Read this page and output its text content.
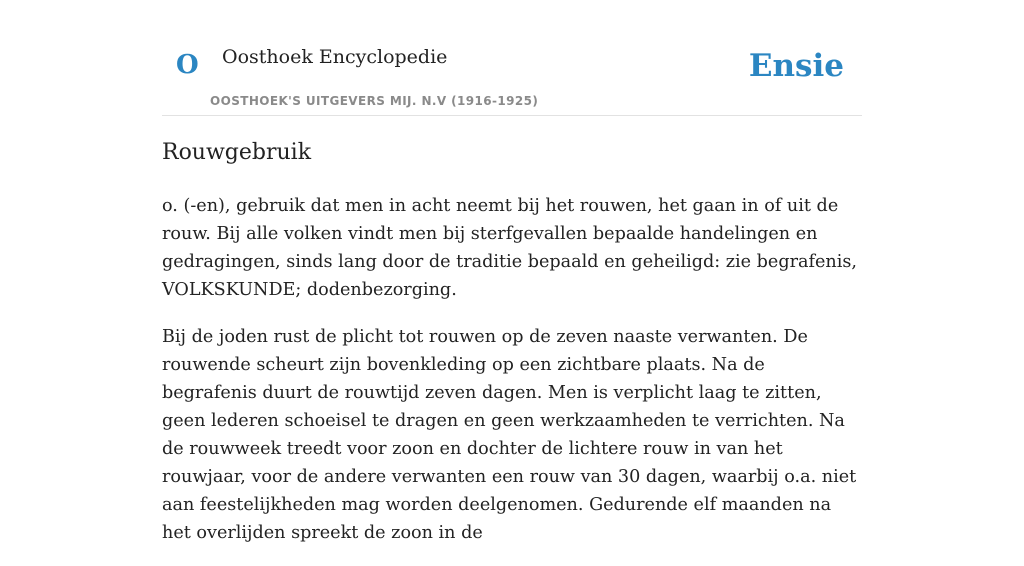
O Oosthoek Encyclopedie
OOSTHOEK'S UITGEVERS MIJ. N.V (1916-1925)
Ensie
Rouwgebruik

o. (-en), gebruik dat men in acht neemt bij het rouwen, het gaan in of uit de rouw. Bij alle volken vindt men bij sterfgevallen bepaalde handelingen en gedragingen, sinds lang door de traditie bepaald en geheiligd: zie begrafenis, VOLKSKUNDE; dodenbezorging.

Bij de joden rust de plicht tot rouwen op de zeven naaste verwanten. De rouwende scheurt zijn bovenkleding op een zichtbare plaats. Na de begrafenis duurt de rouwtijd zeven dagen. Men is verplicht laag te zitten, geen lederen schoeisel te dragen en geen werkzaamheden te verrichten. Na de rouwweek treedt voor zoon en dochter de lichtere rouw in van het rouwjaar, voor de andere verwanten een rouw van 30 dagen, waarbij o.a. niet aan feestelijkheden mag worden deelgenomen. Gedurende elf maanden na het overlijden spreekt de zoon in de
